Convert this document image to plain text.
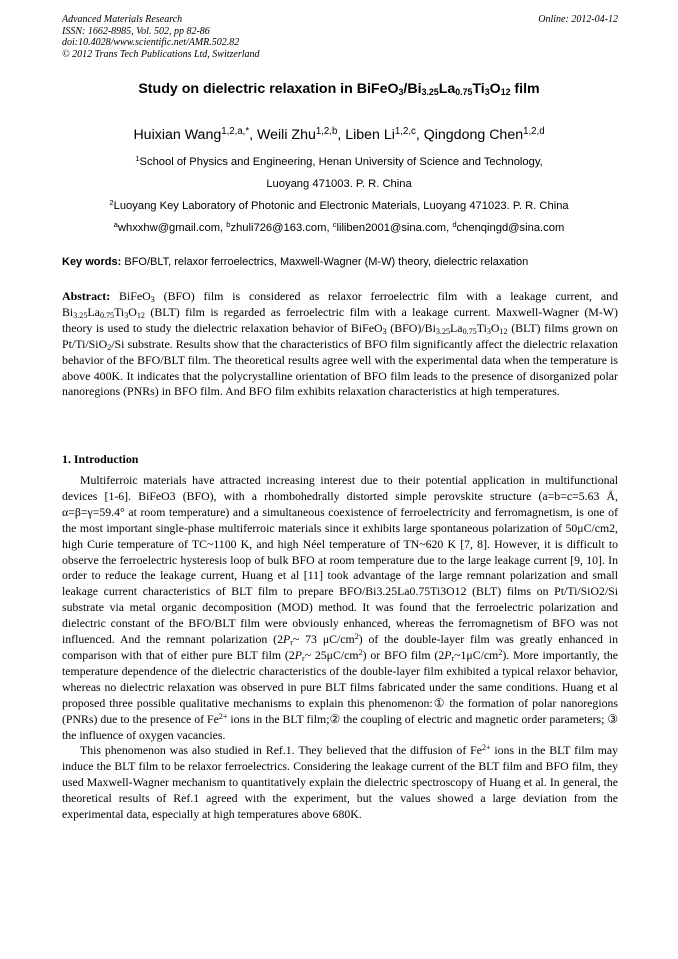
Advanced Materials Research
ISSN: 1662-8985, Vol. 502, pp 82-86
doi:10.4028/www.scientific.net/AMR.502.82
© 2012 Trans Tech Publications Ltd, Switzerland
Online: 2012-04-12
Study on dielectric relaxation in $BiFeO_3/Bi_{3.25}La_{0.75}Ti_3O_{12}$ film
Huixian Wang$^{1,2,a,*}$, Weili Zhu$^{1,2,b}$, Liben Li$^{1,2,c}$, Qingdong Chen$^{1,2,d}$
$^1$School of Physics and Engineering, Henan University of Science and Technology,
Luoyang 471003. P. R. China
$^2$Luoyang Key Laboratory of Photonic and Electronic Materials, Luoyang 471023. P. R. China
$^a$whxxhw@gmail.com, $^b$zhuli726@163.com, $^c$liliben2001@sina.com, $^d$chenqingd@sina.com
Key words: BFO/BLT, relaxor ferroelectrics, Maxwell-Wagner (M-W) theory, dielectric relaxation

Abstract: BiFeO$_3$ (BFO) film is considered as relaxor ferroelectric film with a leakage current, and $Bi_{3.25}La_{0.75}Ti_3O_{12}$ (BLT) film is regarded as ferroelectric film with a leakage current. Maxwell-Wagner (M-W) theory is used to study the dielectric relaxation behavior of BiFeO$_3$ $(BFO)/Bi_{3.25}La_{0.75}Ti_3O_{12}$ (BLT) films grown on Pt/Ti/SiO$_2$/Si substrate. Results show that the characteristics of BFO film significantly affect the dielectric relaxation behavior of the BFO/BLT film. The theoretical results agree well with the experimental data when the temperature is above 400K. It indicates that the polycrystalline orientation of BFO film leads to the presence of disorganized polar nanoregions (PNRs) in BFO film. And BFO film exhibits relaxation characteristics at high temperatures.

1. Introduction

Multiferroic materials have attracted increasing interest due to their potential application in multifunctional devices [1-6]. BiFeO3 (BFO), with a rhombohedrally distorted simple perovskite structure (a=b=c=5.63 Å, α=β=γ=59.4° at room temperature) and a simultaneous coexistence of ferroelectricity and ferromagnetism, is one of the most important single-phase multiferroic materials since it exhibits large spontaneous polarization of 50μC/cm2, high Curie temperature of TC~1100 K, and high Néel temperature of TN~620 K [7, 8]. However, it is difficult to observe the ferroelectric hysteresis loop of bulk BFO at room temperature due to the large leakage current [9, 10]. In order to reduce the leakage current, Huang et al [11] took advantage of the large remnant polarization and small leakage current characteristics of BLT film to prepare BFO/Bi3.25La0.75Ti3O12 (BLT) films on Pt/Ti/SiO2/Si substrate via metal organic decomposition (MOD) method. It was found that the ferroelectric polarization and dielectric constant of the BFO/BLT film were obviously enhanced, whereas the ferromagnetism of BFO was not influenced. And the remnant polarization ($2P_r\sim$ 73 $\mu C/cm^2$) of the double-layer film was greatly enhanced in comparison with that of either pure BLT film ($2P_r\sim$ $25\mu C/cm^2$) or BFO film $(2P_r\sim 1\mu C/cm^2)$. More importantly, the temperature dependence of the dielectric characteristics of the double-layer film exhibited a typical relaxor behavior, whereas no dielectric relaxation was observed in pure BLT films fabricated under the same conditions. Huang et al proposed three possible qualitative mechanisms to explain this phenomenon:① the formation of polar nanoregions (PNRs) due to the presence of $Fe^{2+}$ ions in the BLT film;② the coupling of electric and magnetic order parameters; ③ the influence of oxygen vacancies.

This phenomenon was also studied in Ref.1. They believed that the diffusion of $Fe^{2+}$ ions in the BLT film may induce the BLT film to be relaxor ferroelectrics. Considering the leakage current of the BLT film and BFO film, they used Maxwell-Wagner mechanism to quantitatively explain the dielectric spectroscopy of Huang et al. In general, the theoretical results of Ref.1 agreed with the experiment, but the values showed a large deviation from the experimental data, especially at high temperatures above 680K.
